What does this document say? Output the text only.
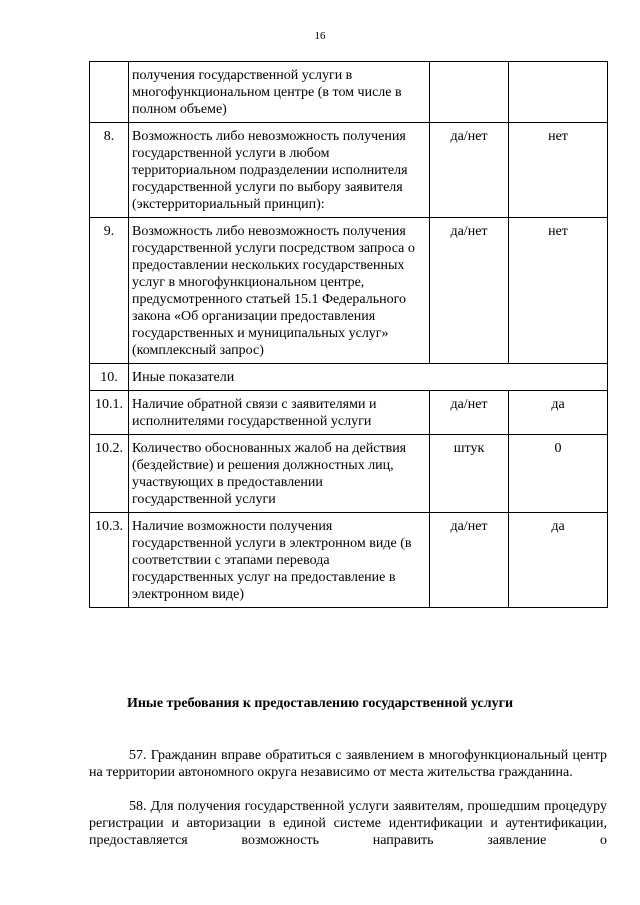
16
	получения государственной услуги в многофункциональном центре (в том числе в полном объеме)		
8.	Возможность либо невозможность получения государственной услуги в любом территориальном подразделении исполнителя государственной услуги по выбору заявителя (экстерриториальный принцип):	да/нет	нет
9.	Возможность либо невозможность получения государственной услуги посредством запроса о предоставлении нескольких государственных услуг в многофункциональном центре, предусмотренного статьей 15.1 Федерального закона «Об организации предоставления государственных и муниципальных услуг» (комплексный запрос)	да/нет	нет
10.	Иные показатели		
10.1.	Наличие обратной связи с заявителями и исполнителями государственной услуги	да/нет	да
10.2.	Количество обоснованных жалоб на действия (бездействие) и решения должностных лиц, участвующих в предоставлении государственной услуги	штук	0
10.3.	Наличие возможности получения государственной услуги в электронном виде (в соответствии с этапами перевода государственных услуг на предоставление в электронном виде)	да/нет	да
Иные требования к предоставлению государственной услуги

57. Гражданин вправе обратиться с заявлением в многофункциональный центр на территории автономного округа независимо от места жительства гражданина.

58. Для получения государственной услуги заявителям, прошедшим процедуру регистрации и авторизации в единой системе идентификации и аутентификации, предоставляется возможность направить заявление о
